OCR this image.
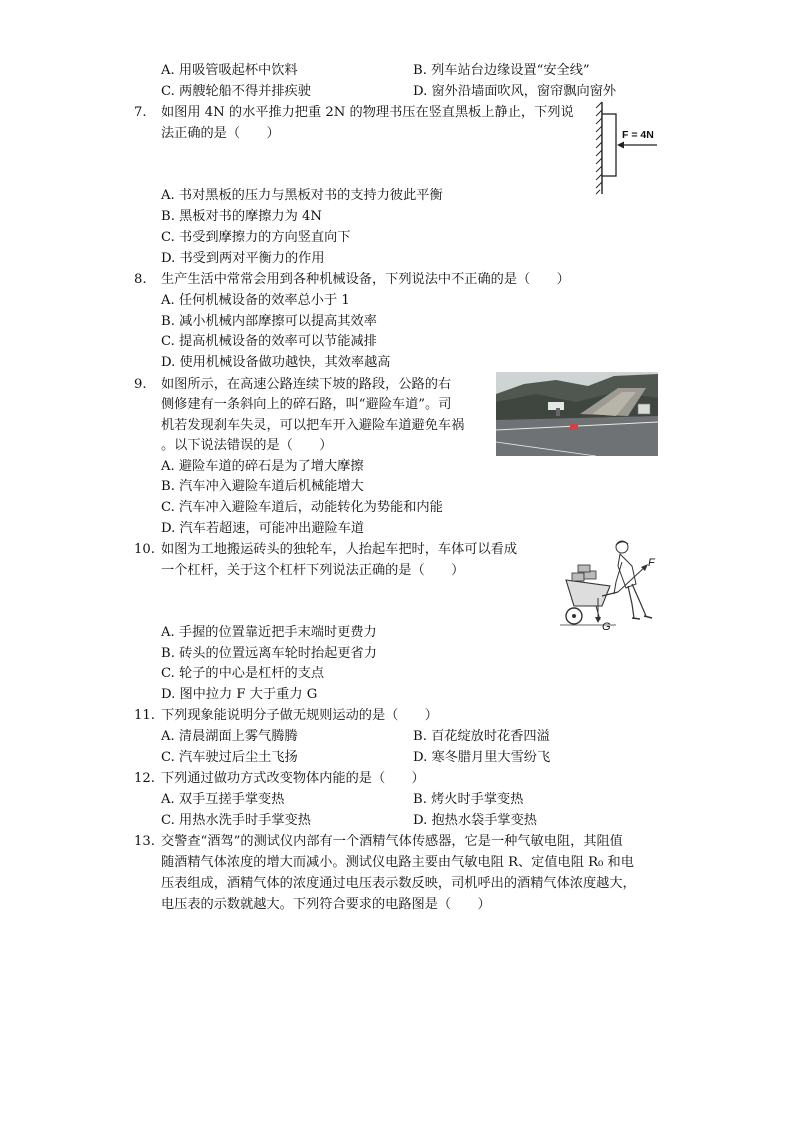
A. 用吸管吸起杯中饮料	B. 列车站台边缘设置“安全线”
C. 两艘轮船不得并排疾驶	D. 窗外沿墙面吹风，窗帘飘向窗外
7. 如图用 4N 的水平推力把重 2N 的物理书压在竖直黑板上静止，下列说
法正确的是（　　）
A. 书对黑板的压力与黑板对书的支持力彼此平衡
B. 黑板对书的摩擦力为 4N
C. 书受到摩擦力的方向竖直向下
D. 书受到两对平衡力的作用
F = 4N
8. 生产生活中常常会用到各种机械设备，下列说法中不正确的是（　　）
A. 任何机械设备的效率总小于 1
B. 减小机械内部摩擦可以提高其效率
C. 提高机械设备的效率可以节能减排
D. 使用机械设备做功越快，其效率越高
9. 如图所示，在高速公路连续下坡的路段，公路的右
侧修建有一条斜向上的碎石路，叫“避险车道”。司
机若发现刹车失灵，可以把车开入避险车道避免车祸
。以下说法错误的是（　　）
A. 避险车道的碎石是为了增大摩擦
B. 汽车冲入避险车道后机械能增大
C. 汽车冲入避险车道后，动能转化为势能和内能
D. 汽车若超速，可能冲出避险车道
10. 如图为工地搬运砖头的独轮车，人抬起车把时，车体可以看成
一个杠杆，关于这个杠杆下列说法正确的是（　　）
A. 手握的位置靠近把手末端时更费力
B. 砖头的位置远离车轮时抬起更省力
C. 轮子的中心是杠杆的支点
D. 图中拉力 F 大于重力 G
F
G
11. 下列现象能说明分子做无规则运动的是（　　）
A. 清晨湖面上雾气腾腾	B. 百花绽放时花香四溢
C. 汽车驶过后尘土飞扬	D. 寒冬腊月里大雪纷飞
12. 下列通过做功方式改变物体内能的是（　　）
A. 双手互搓手掌变热	B. 烤火时手掌变热
C. 用热水洗手时手掌变热	D. 抱热水袋手掌变热
13. 交警查“酒驾”的测试仪内部有一个酒精气体传感器，它是一种气敏电阻，其阻值
随酒精气体浓度的增大而减小。测试仪电路主要由气敏电阻 R、定值电阻 R₀ 和电
压表组成，酒精气体的浓度通过电压表示数反映，司机呼出的酒精气体浓度越大，
电压表的示数就越大。下列符合要求的电路图是（　　）
